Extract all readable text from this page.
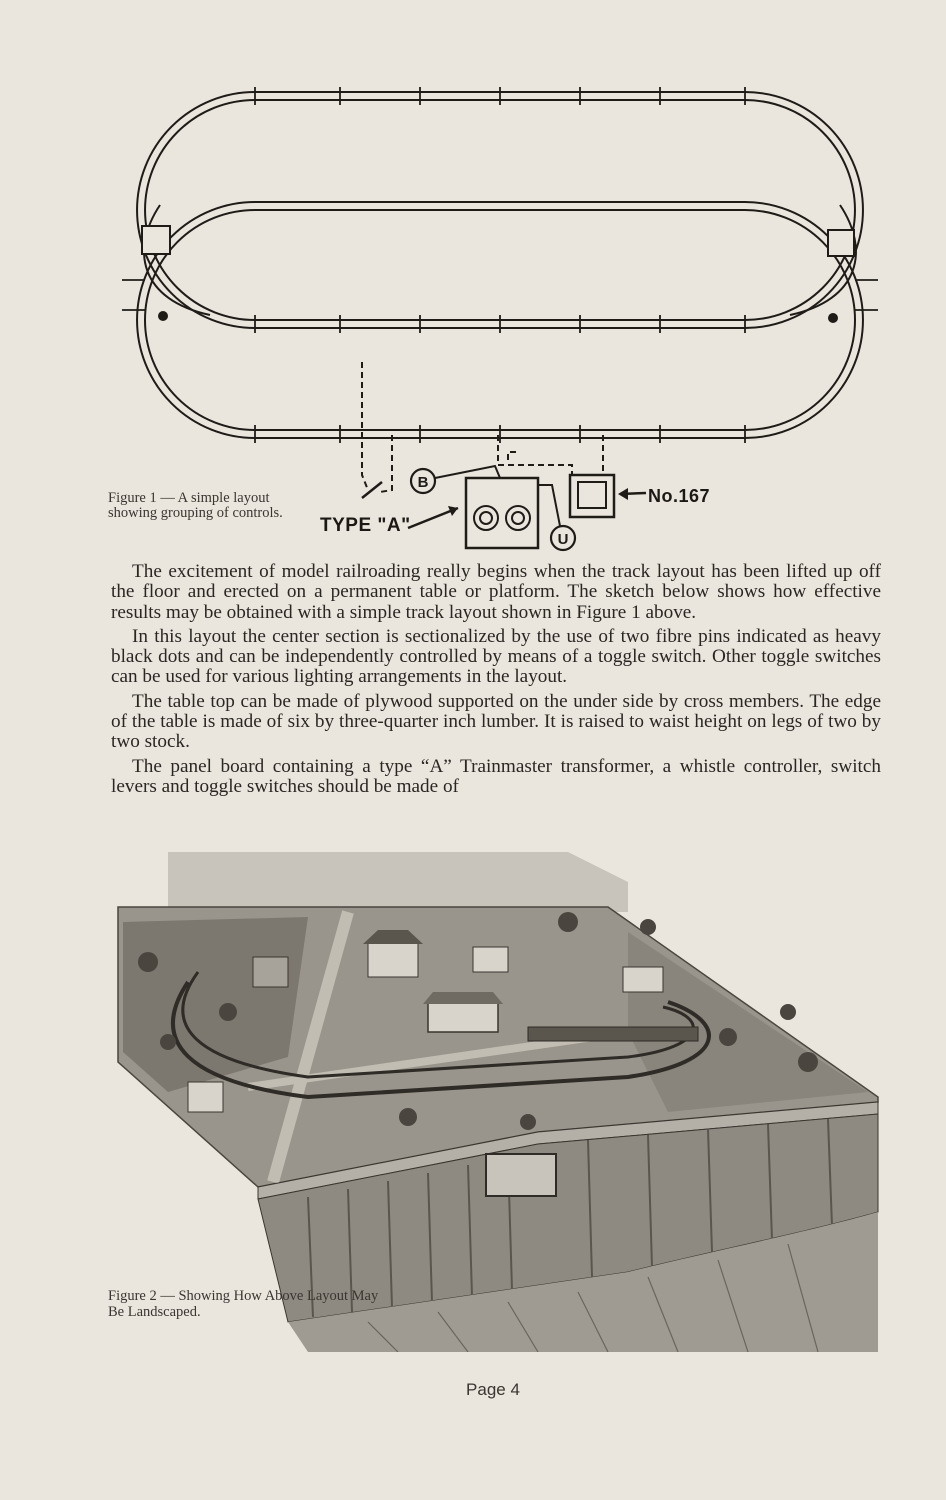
B
U
TYPE "A"
No.167
Figure 1 — A simple layout showing grouping of controls.

The excitement of model railroading really begins when the track layout has been lifted up off the floor and erected on a permanent table or platform. The sketch below shows how effective results may be obtained with a simple track layout shown in Figure 1 above.

In this layout the center section is sectionalized by the use of two fibre pins indicated as heavy black dots and can be independently controlled by means of a toggle switch. Other toggle switches can be used for various lighting arrangements in the layout.

The table top can be made of plywood supported on the under side by cross members. The edge of the table is made of six by three-quarter inch lumber. It is raised to waist height on legs of two by two stock.

The panel board containing a type “A” Trainmaster transformer, a whistle controller, switch levers and toggle switches should be made of

Figure 2 — Showing How Above Layout May Be Landscaped.
Page 4
